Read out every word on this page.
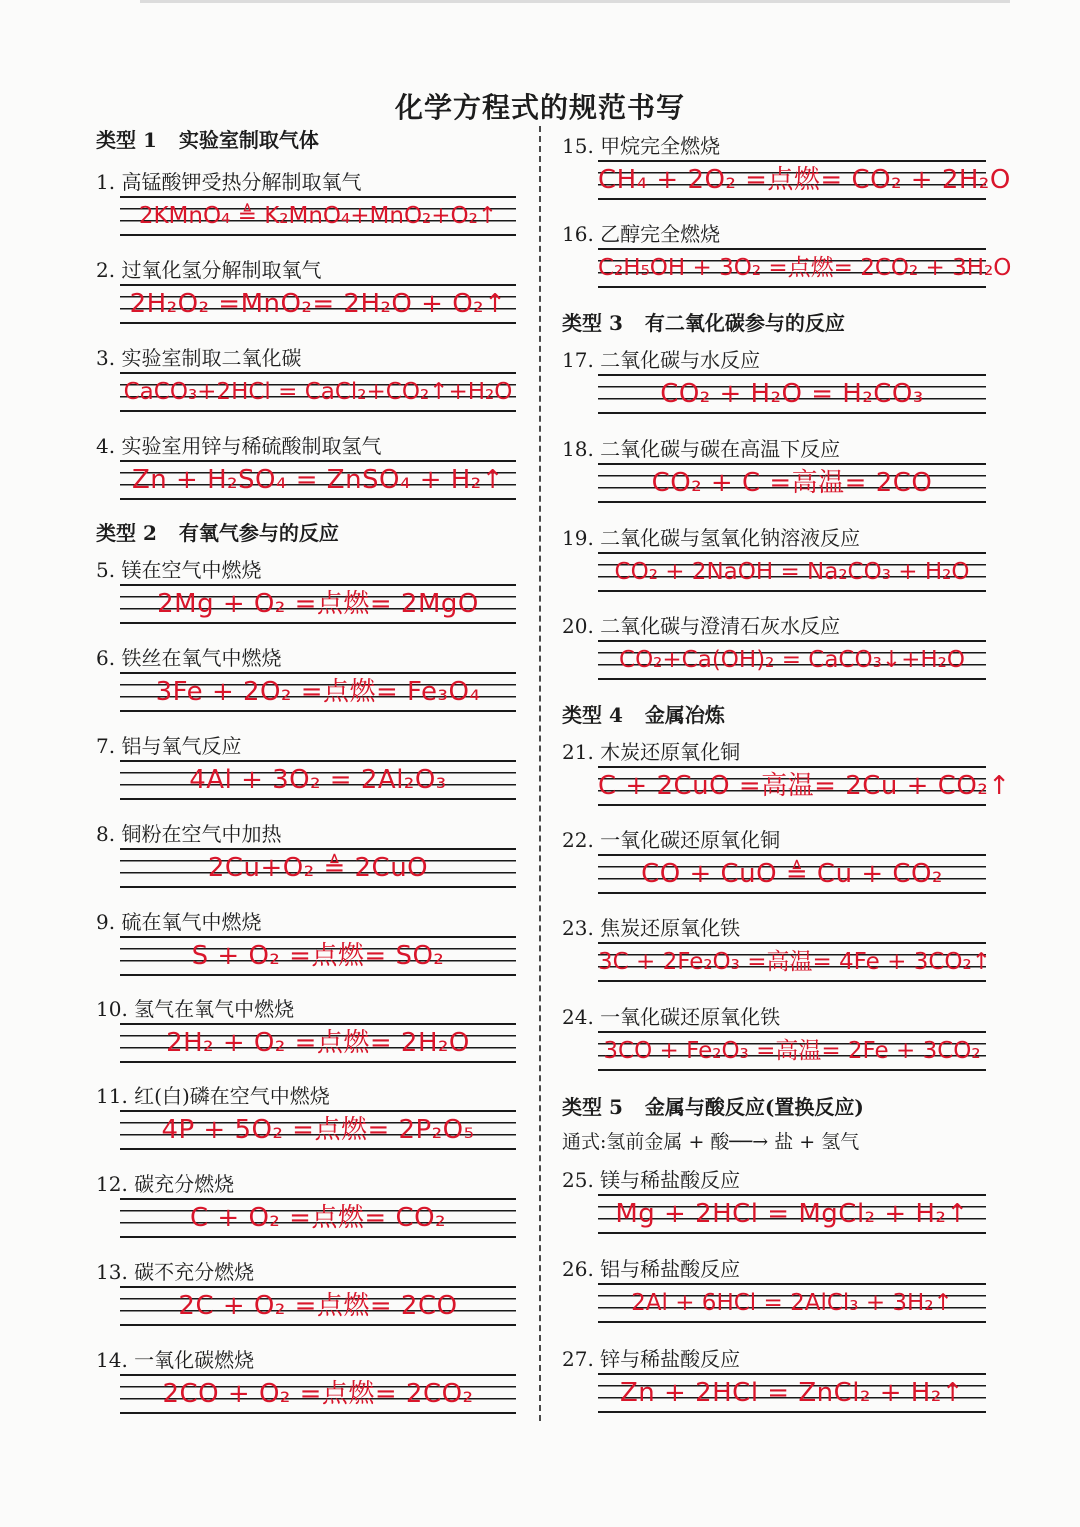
化学方程式的规范书写
类型 1 实验室制取气体
1. 高锰酸钾受热分解制取氧气
2KMnO₄ ≜ K₂MnO₄+MnO₂+O₂↑
2. 过氧化氢分解制取氧气
2H₂O₂ =MnO₂= 2H₂O + O₂↑
3. 实验室制取二氧化碳
CaCO₃+2HCl = CaCl₂+CO₂↑+H₂O
4. 实验室用锌与稀硫酸制取氢气
Zn + H₂SO₄ = ZnSO₄ + H₂↑
类型 2 有氧气参与的反应
5. 镁在空气中燃烧
2Mg + O₂ =点燃= 2MgO
6. 铁丝在氧气中燃烧
3Fe + 2O₂ =点燃= Fe₃O₄
7. 铝与氧气反应
4Al + 3O₂ = 2Al₂O₃
8. 铜粉在空气中加热
2Cu+O₂ ≜ 2CuO
9. 硫在氧气中燃烧
S + O₂ =点燃= SO₂
10. 氢气在氧气中燃烧
2H₂ + O₂ =点燃= 2H₂O
11. 红(白)磷在空气中燃烧
4P + 5O₂ =点燃= 2P₂O₅
12. 碳充分燃烧
C + O₂ =点燃= CO₂
13. 碳不充分燃烧
2C + O₂ =点燃= 2CO
14. 一氧化碳燃烧
2CO + O₂ =点燃= 2CO₂
15. 甲烷完全燃烧
CH₄ + 2O₂ =点燃= CO₂ + 2H₂O
16. 乙醇完全燃烧
C₂H₅OH + 3O₂ =点燃= 2CO₂ + 3H₂O
类型 3 有二氧化碳参与的反应
17. 二氧化碳与水反应
CO₂ + H₂O = H₂CO₃
18. 二氧化碳与碳在高温下反应
CO₂ + C =高温= 2CO
19. 二氧化碳与氢氧化钠溶液反应
CO₂ + 2NaOH = Na₂CO₃ + H₂O
20. 二氧化碳与澄清石灰水反应
CO₂+Ca(OH)₂ = CaCO₃↓+H₂O
类型 4 金属冶炼
21. 木炭还原氧化铜
C + 2CuO =高温= 2Cu + CO₂↑
22. 一氧化碳还原氧化铜
CO + CuO ≜ Cu + CO₂
23. 焦炭还原氧化铁
3C + 2Fe₂O₃ =高温= 4Fe + 3CO₂↑
24. 一氧化碳还原氧化铁
3CO + Fe₂O₃ =高温= 2Fe + 3CO₂
类型 5 金属与酸反应(置换反应)
通式:氢前金属 + 酸──→ 盐 + 氢气
25. 镁与稀盐酸反应
Mg + 2HCl = MgCl₂ + H₂↑
26. 铝与稀盐酸反应
2Al + 6HCl = 2AlCl₃ + 3H₂↑
27. 锌与稀盐酸反应
Zn + 2HCl = ZnCl₂ + H₂↑
